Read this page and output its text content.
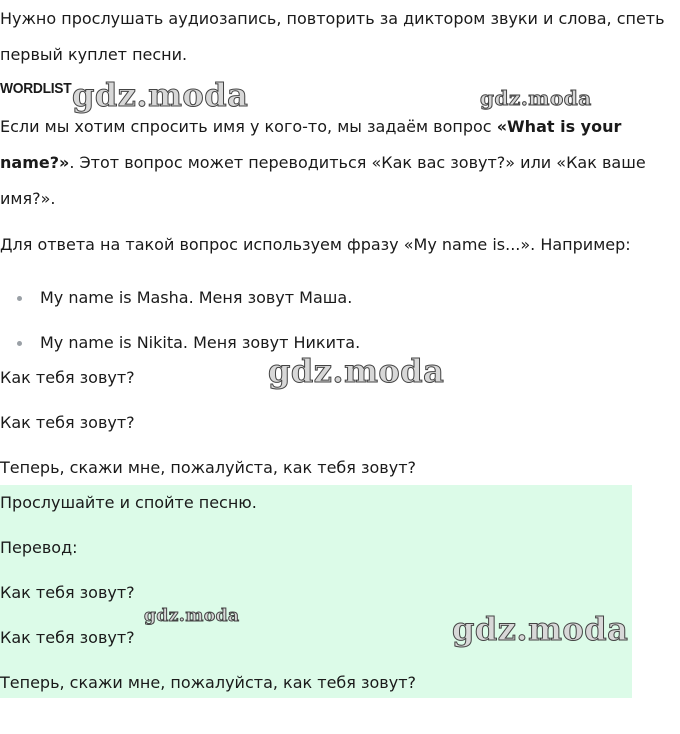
Нужно прослушать аудиозапись, повторить за диктором звуки и слова, спеть

первый куплет песни.

WORDLIST

Если мы хотим спросить имя у кого-то, мы задаём вопрос «What is your

name?». Этот вопрос может переводиться «Как вас зовут?» или «Как ваше

имя?».

Для ответа на такой вопрос используем фразу «My name is...». Например:

My name is Masha. Меня зовут Маша.
My name is Nikita. Меня зовут Никита.

Как тебя зовут?

Как тебя зовут?

Теперь, скажи мне, пожалуйста, как тебя зовут?

Прослушайте и спойте песню.

Перевод:

Как тебя зовут?

Как тебя зовут?

Теперь, скажи мне, пожалуйста, как тебя зовут?

gdz.moda	gdz.moda
gdz.moda
gdz.moda	gdz.moda
